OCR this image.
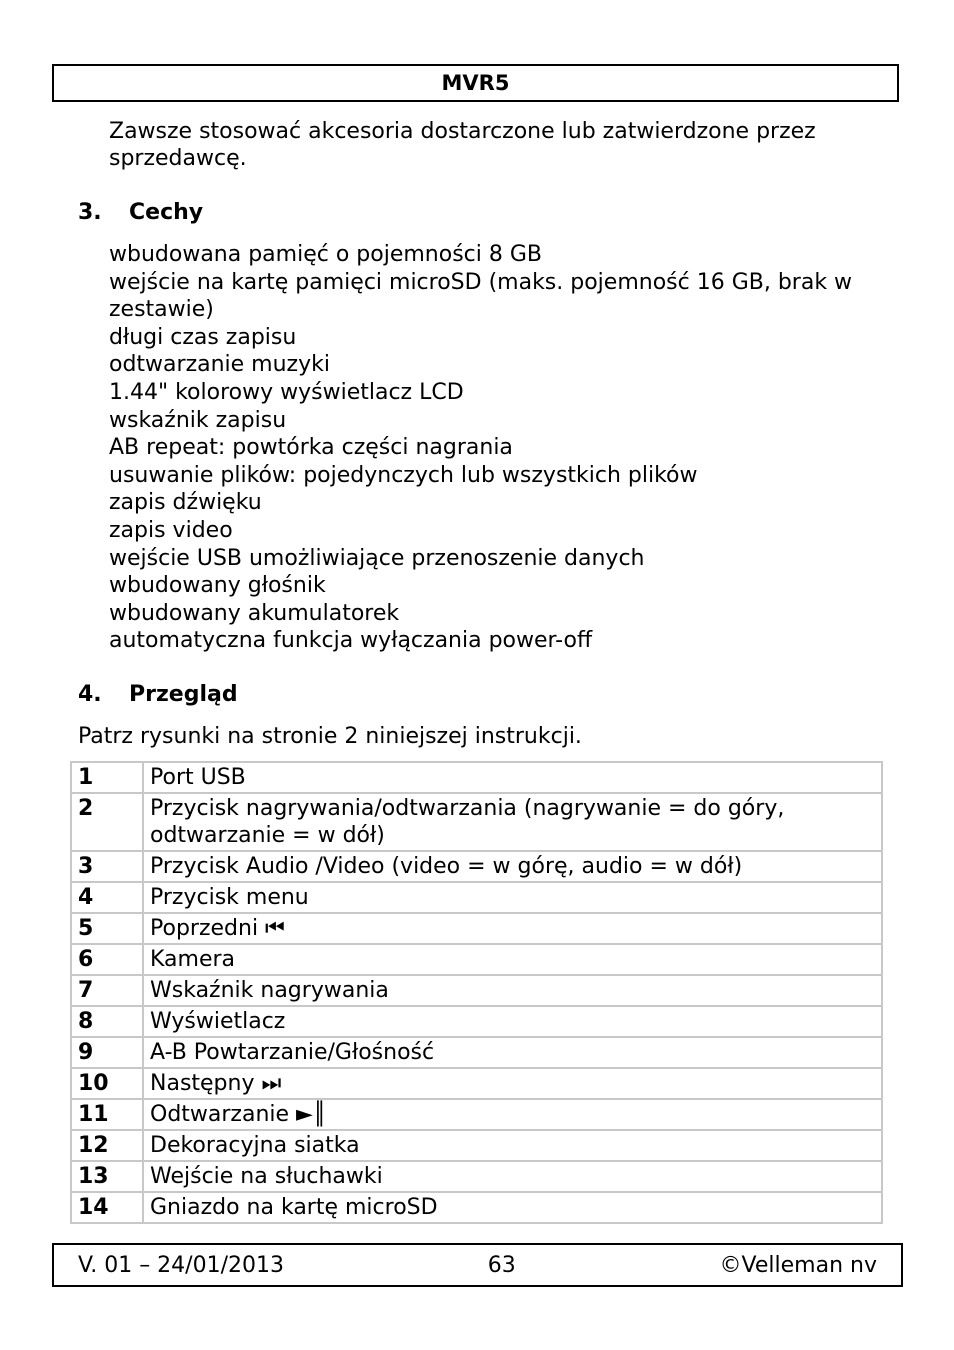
MVR5

Zawsze stosować akcesoria dostarczone lub zatwierdzone przez sprzedawcę.

3.	Cechy
wbudowana pamięć o pojemności 8 GB
wejście na kartę pamięci microSD (maks. pojemność 16 GB, brak w zestawie)
długi czas zapisu
odtwarzanie muzyki
1.44" kolorowy wyświetlacz LCD
wskaźnik zapisu
AB repeat: powtórka części nagrania
usuwanie plików: pojedynczych lub wszystkich plików
zapis dźwięku
zapis video
wejście USB umożliwiające przenoszenie danych
wbudowany głośnik
wbudowany akumulatorek
automatyczna funkcja wyłączania power-off
4.	Przegląd

Patrz rysunki na stronie 2 niniejszej instrukcji.

1	Port USB
2	Przycisk nagrywania/odtwarzania (nagrywanie = do góry, odtwarzanie = w dół)
3	Przycisk Audio /Video (video = w górę, audio = w dół)
4	Przycisk menu
5	Poprzedni ⏮
6	Kamera
7	Wskaźnik nagrywania
8	Wyświetlacz
9	A-B Powtarzanie/Głośność
10	Następny ⏭
11	Odtwarzanie ►║
12	Dekoracyjna siatka
13	Wejście na słuchawki
14	Gniazdo na kartę microSD
V. 01 – 24/01/2013	63	©Velleman nv
